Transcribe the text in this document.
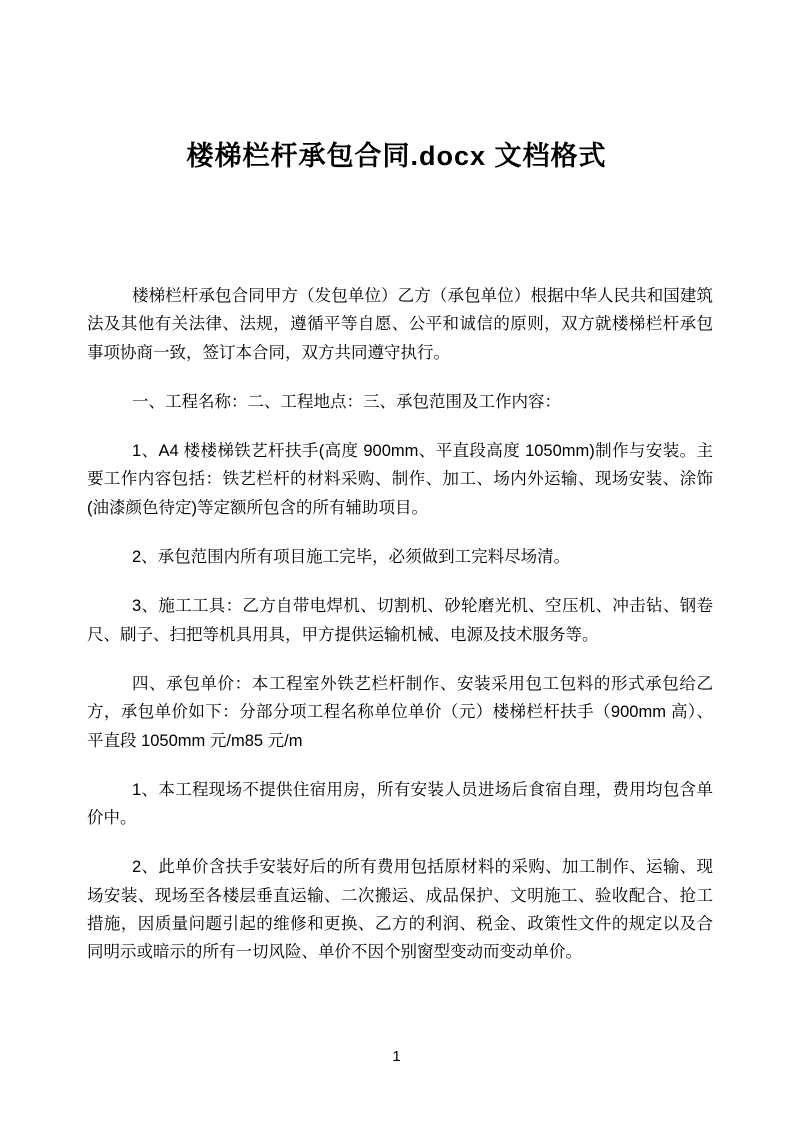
楼梯栏杆承包合同.docx 文档格式

楼梯栏杆承包合同甲方（发包单位）乙方（承包单位）根据中华人民共和国建筑法及其他有关法律、法规，遵循平等自愿、公平和诚信的原则，双方就楼梯栏杆承包事项协商一致，签订本合同，双方共同遵守执行。

一、工程名称：二、工程地点：三、承包范围及工作内容：

1、A4 楼楼梯铁艺杆扶手(高度 900mm、平直段高度 1050mm)制作与安装。主要工作内容包括：铁艺栏杆的材料采购、制作、加工、场内外运输、现场安装、涂饰(油漆颜色待定)等定额所包含的所有辅助项目。

2、承包范围内所有项目施工完毕，必须做到工完料尽场清。

3、施工工具：乙方自带电焊机、切割机、砂轮磨光机、空压机、冲击钻、钢卷尺、刷子、扫把等机具用具，甲方提供运输机械、电源及技术服务等。

四、承包单价：本工程室外铁艺栏杆制作、安装采用包工包料的形式承包给乙方，承包单价如下：分部分项工程名称单位单价（元）楼梯栏杆扶手（900mm 高）、平直段 1050mm 元/m85 元/m

1、本工程现场不提供住宿用房，所有安装人员进场后食宿自理，费用均包含单价中。

2、此单价含扶手安装好后的所有费用包括原材料的采购、加工制作、运输、现场安装、现场至各楼层垂直运输、二次搬运、成品保护、文明施工、验收配合、抢工措施，因质量问题引起的维修和更换、乙方的利润、税金、政策性文件的规定以及合同明示或暗示的所有一切风险、单价不因个别窗型变动而变动单价。

1
